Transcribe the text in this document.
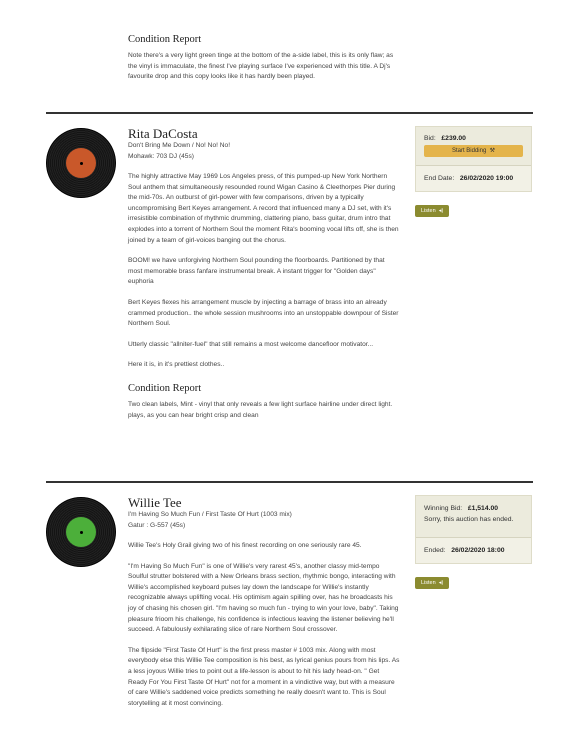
Condition Report
Note there's a very light green tinge at the bottom of the a-side label, this is its only flaw; as the vinyl is immaculate, the finest I've playing surface I've experienced with this title. A Dj's favourite drop and this copy looks like it has hardly been played.
Rita DaCosta
Don't Bring Me Down / No! No! No!
Mohawk: 703 DJ (45s)
The highly attractive May 1969 Los Angeles press, of this pumped-up New York Northern Soul anthem that simultaneously resounded round Wigan Casino & Cleethorpes Pier during the mid-70s. An outburst of girl-power with few comparisons, driven by a typically uncompromising Bert Keyes arrangement. A record that influenced many a DJ set, with it's irresistible combination of rhythmic drumming, clattering piano, bass guitar, drum intro that explodes into a torrent of Northern Soul the moment Rita's booming vocal lifts off, she is then joined by a team of girl-voices banging out the chorus.
BOOM! we have unforgiving Northern Soul pounding the floorboards. Partitioned by that most memorable brass fanfare instrumental break. A instant trigger for "Golden days" euphoria
Bert Keyes flexes his arrangement muscle by injecting a barrage of brass into an already crammed production.. the whole session mushrooms into an unstoppable downpour of Sister Northern Soul.
Utterly classic "allniter-fuel" that still remains a most welcome dancefloor motivator...
Here it is, in it's prettiest clothes..
Condition Report
Two clean labels, Mint - vinyl that only reveals a few light surface hairline under direct light. plays, as you can hear bright crisp and clean
Bid: £239.00
Start Bidding  ⚒
End Date: 26/02/2020 19:00
Listen  ◂)
Willie Tee
I'm Having So Much Fun / First Taste Of Hurt (1003 mix)
Gatur : G-557 (45s)
Willie Tee's Holy Grail giving two of his finest recording on one seriously rare 45.
"I'm Having So Much Fun" is one of Willie's very rarest 45's, another classy mid-tempo Soulful strutter bolstered with a New Orleans brass section, rhythmic bongo, interacting with Willie's accomplished keyboard pulses lay down the landscape for Willie's instantly recognizable always uplifting vocal. His optimism again spilling over, has he broadcasts his joy of chasing his chosen girl. "I'm having so much fun - trying to win your love, baby". Taking pleasure frioom his challenge, his confidence is infectious leaving the listener believing he'll succeed. A fabulously exhilarating slice of rare Northern Soul crossover.
The flipside "First Taste Of Hurt" is the first press master # 1003 mix. Along with most everybody else this Willie Tee composition is his best, as lyrical genius pours from his lips. As a less joyous Willie tries to point out a life-lesson is about to hit his lady head-on. " Get Ready For You First Taste Of Hurt" not for a moment in a vindictive way, but with a measure of care Willie's saddened voice predicts something he really doesn't want to. This is Soul storytelling at it most convincing.
Winning Bid: £1,514.00
Sorry, this auction has ended.
Ended: 26/02/2020 18:00
Listen  ◂)
